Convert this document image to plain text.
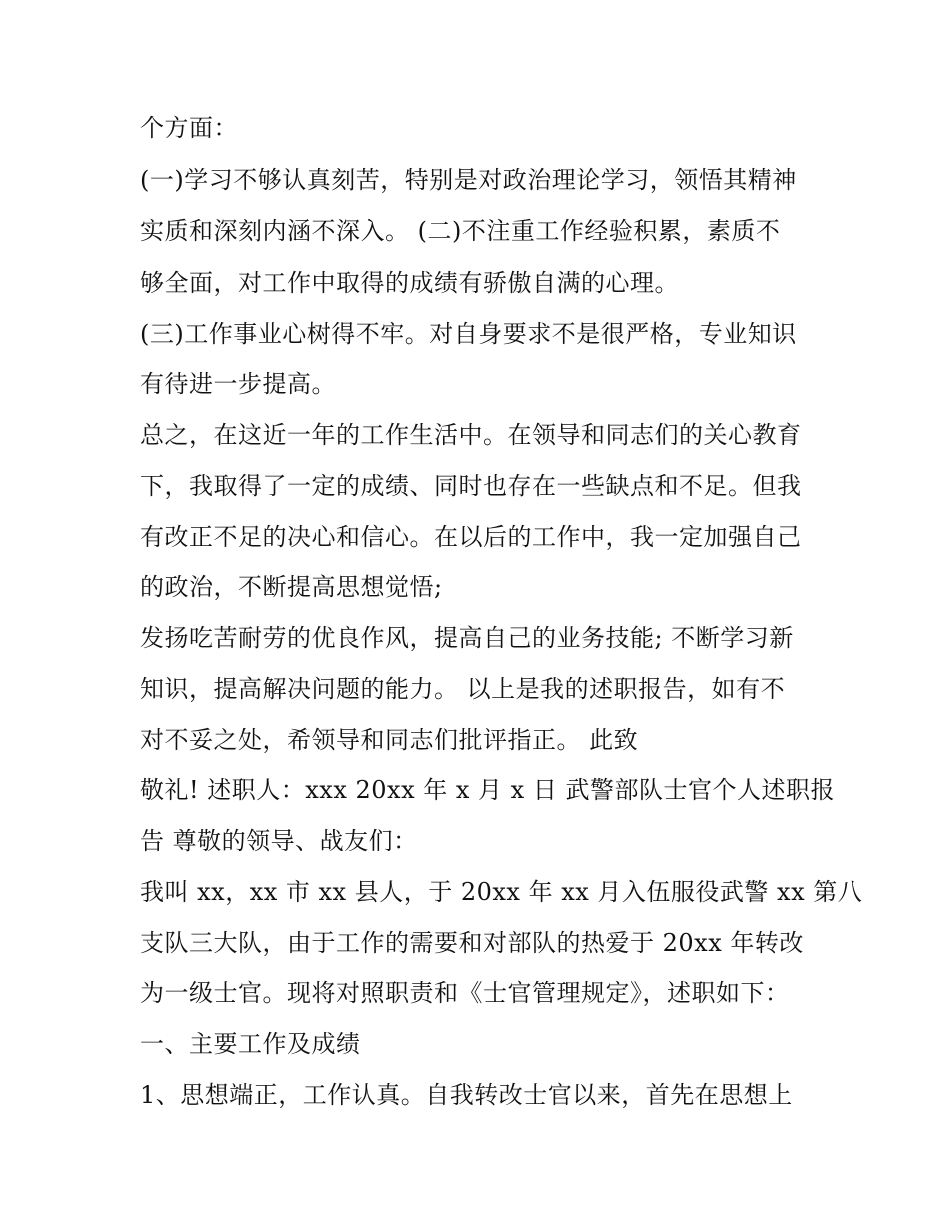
个方面：
(一)学习不够认真刻苦，特别是对政治理论学习，领悟其精神
实质和深刻内涵不深入。 (二)不注重工作经验积累，素质不
够全面，对工作中取得的成绩有骄傲自满的心理。
(三)工作事业心树得不牢。对自身要求不是很严格，专业知识
有待进一步提高。
总之，在这近一年的工作生活中。在领导和同志们的关心教育
下，我取得了一定的成绩、同时也存在一些缺点和不足。但我
有改正不足的决心和信心。在以后的工作中，我一定加强自己
的政治，不断提高思想觉悟;
发扬吃苦耐劳的优良作风，提高自己的业务技能; 不断学习新
知识，提高解决问题的能力。 以上是我的述职报告，如有不
对不妥之处，希领导和同志们批评指正。 此致
敬礼! 述职人：xxx 20xx 年 x 月 x 日 武警部队士官个人述职报
告 尊敬的领导、战友们：
我叫 xx，xx 市 xx 县人，于 20xx 年 xx 月入伍服役武警 xx 第八
支队三大队，由于工作的需要和对部队的热爱于 20xx 年转改
为一级士官。现将对照职责和《士官管理规定》，述职如下：
一、主要工作及成绩
1、思想端正，工作认真。自我转改士官以来，首先在思想上
